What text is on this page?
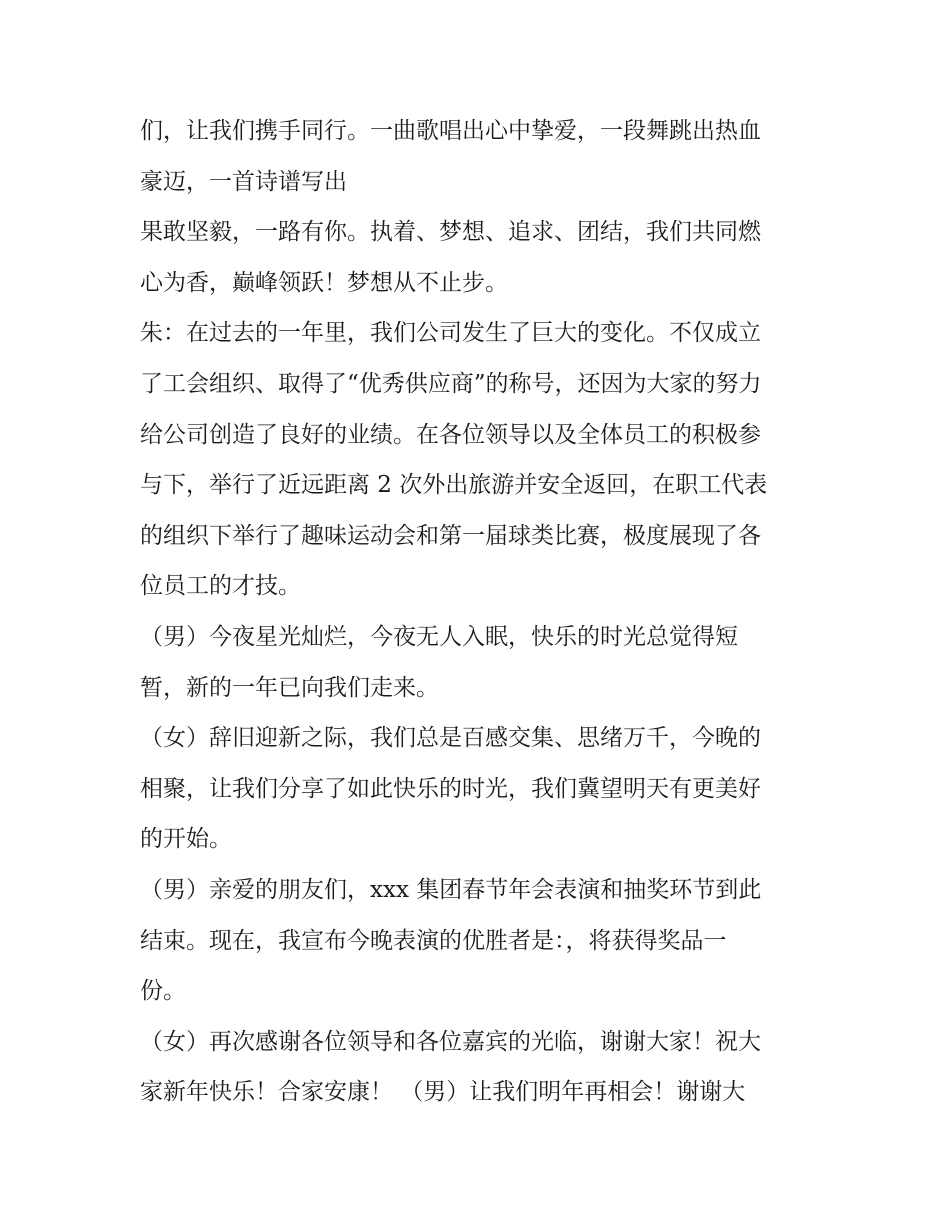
们，让我们携手同行。一曲歌唱出心中挚爱，一段舞跳出热血
豪迈，一首诗谱写出

果敢坚毅，一路有你。执着、梦想、追求、团结，我们共同燃
心为香，巅峰领跃！梦想从不止步。

朱：在过去的一年里，我们公司发生了巨大的变化。不仅成立
了工会组织、取得了“优秀供应商”的称号，还因为大家的努力
给公司创造了良好的业绩。在各位领导以及全体员工的积极参
与下，举行了近远距离 2 次外出旅游并安全返回，在职工代表
的组织下举行了趣味运动会和第一届球类比赛，极度展现了各
位员工的才技。

（男）今夜星光灿烂，今夜无人入眠，快乐的时光总觉得短
暂，新的一年已向我们走来。

（女）辞旧迎新之际，我们总是百感交集、思绪万千，今晚的
相聚，让我们分享了如此快乐的时光，我们冀望明天有更美好
的开始。

（男）亲爱的朋友们，xxx 集团春节年会表演和抽奖环节到此
结束。现在，我宣布今晚表演的优胜者是：，将获得奖品一
份。

（女）再次感谢各位领导和各位嘉宾的光临，谢谢大家！祝大
家新年快乐！合家安康！ （男）让我们明年再相会！谢谢大
